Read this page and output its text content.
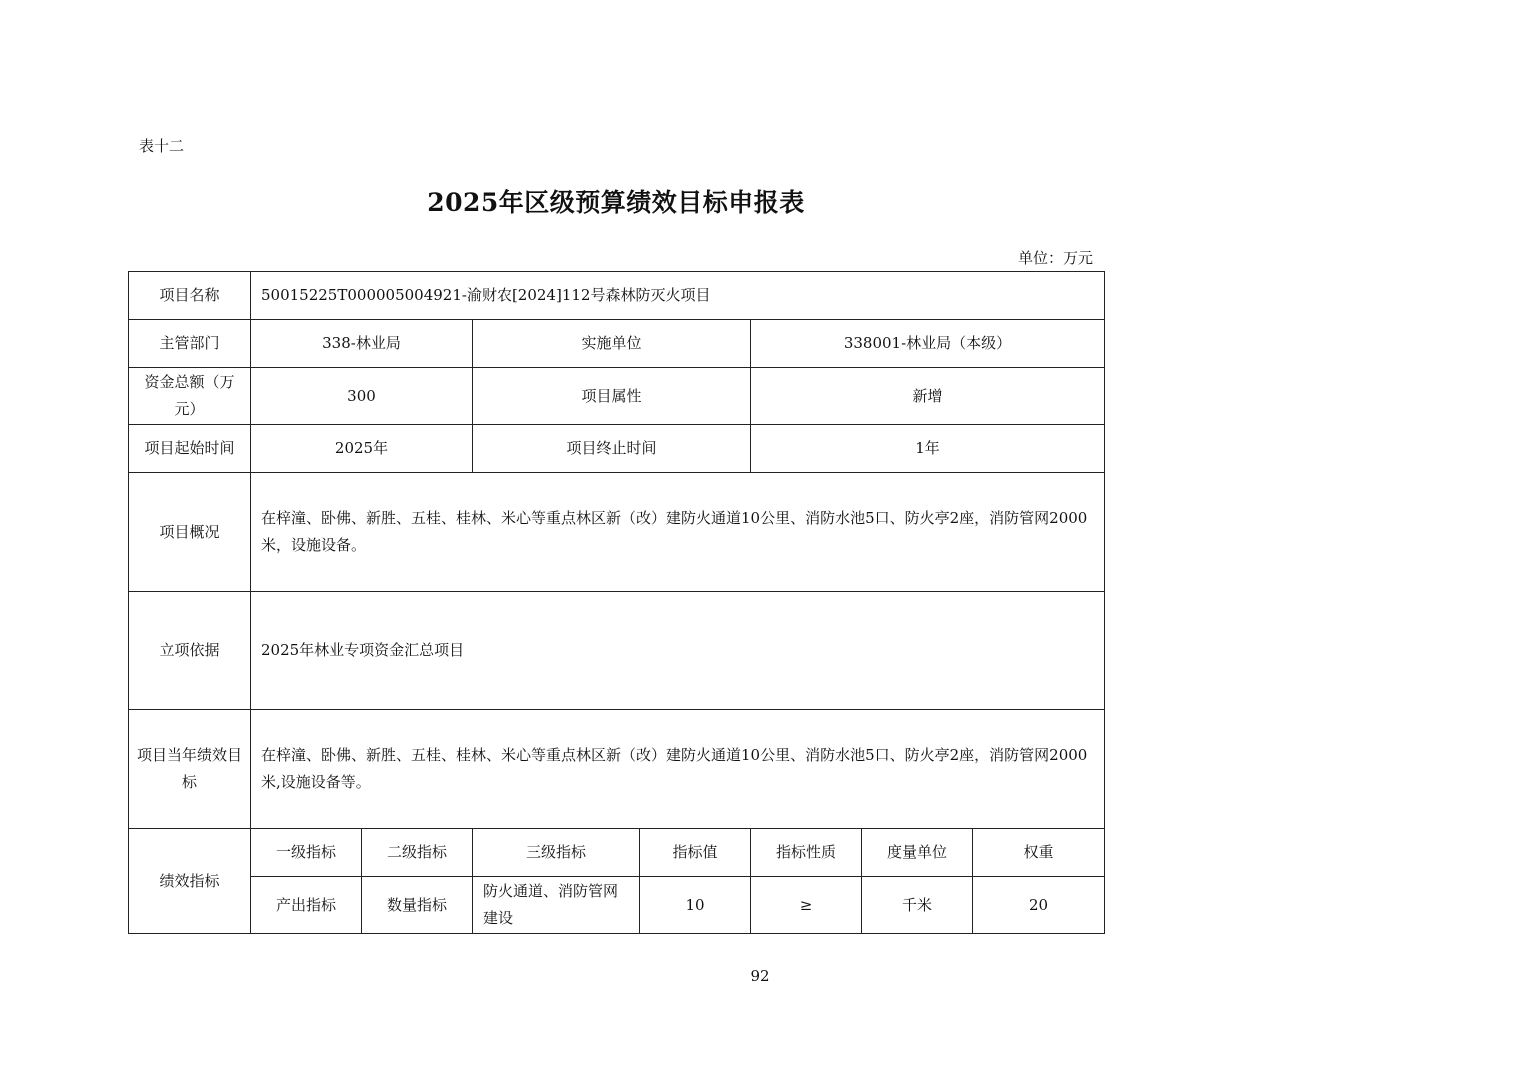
表十二
2025年区级预算绩效目标申报表
单位：万元
项目名称	50015225T000005004921-渝财农[2024]112号森林防灭火项目						
主管部门	338-林业局		实施单位		338001-林业局（本级）		
资金总额（万元）	300		项目属性		新增		
项目起始时间	2025年		项目终止时间		1年		
项目概况	在梓潼、卧佛、新胜、五桂、桂林、米心等重点林区新（改）建防火通道10公里、消防水池5口、防火亭2座，消防管网2000米，设施设备。						
立项依据	2025年林业专项资金汇总项目						
项目当年绩效目标	在梓潼、卧佛、新胜、五桂、桂林、米心等重点林区新（改）建防火通道10公里、消防水池5口、防火亭2座，消防管网2000米,设施设备等。						
绩效指标	一级指标	二级指标	三级指标	指标值	指标性质	度量单位	权重
	产出指标	数量指标	防火通道、消防管网建设	10	≥	千米	20
92
